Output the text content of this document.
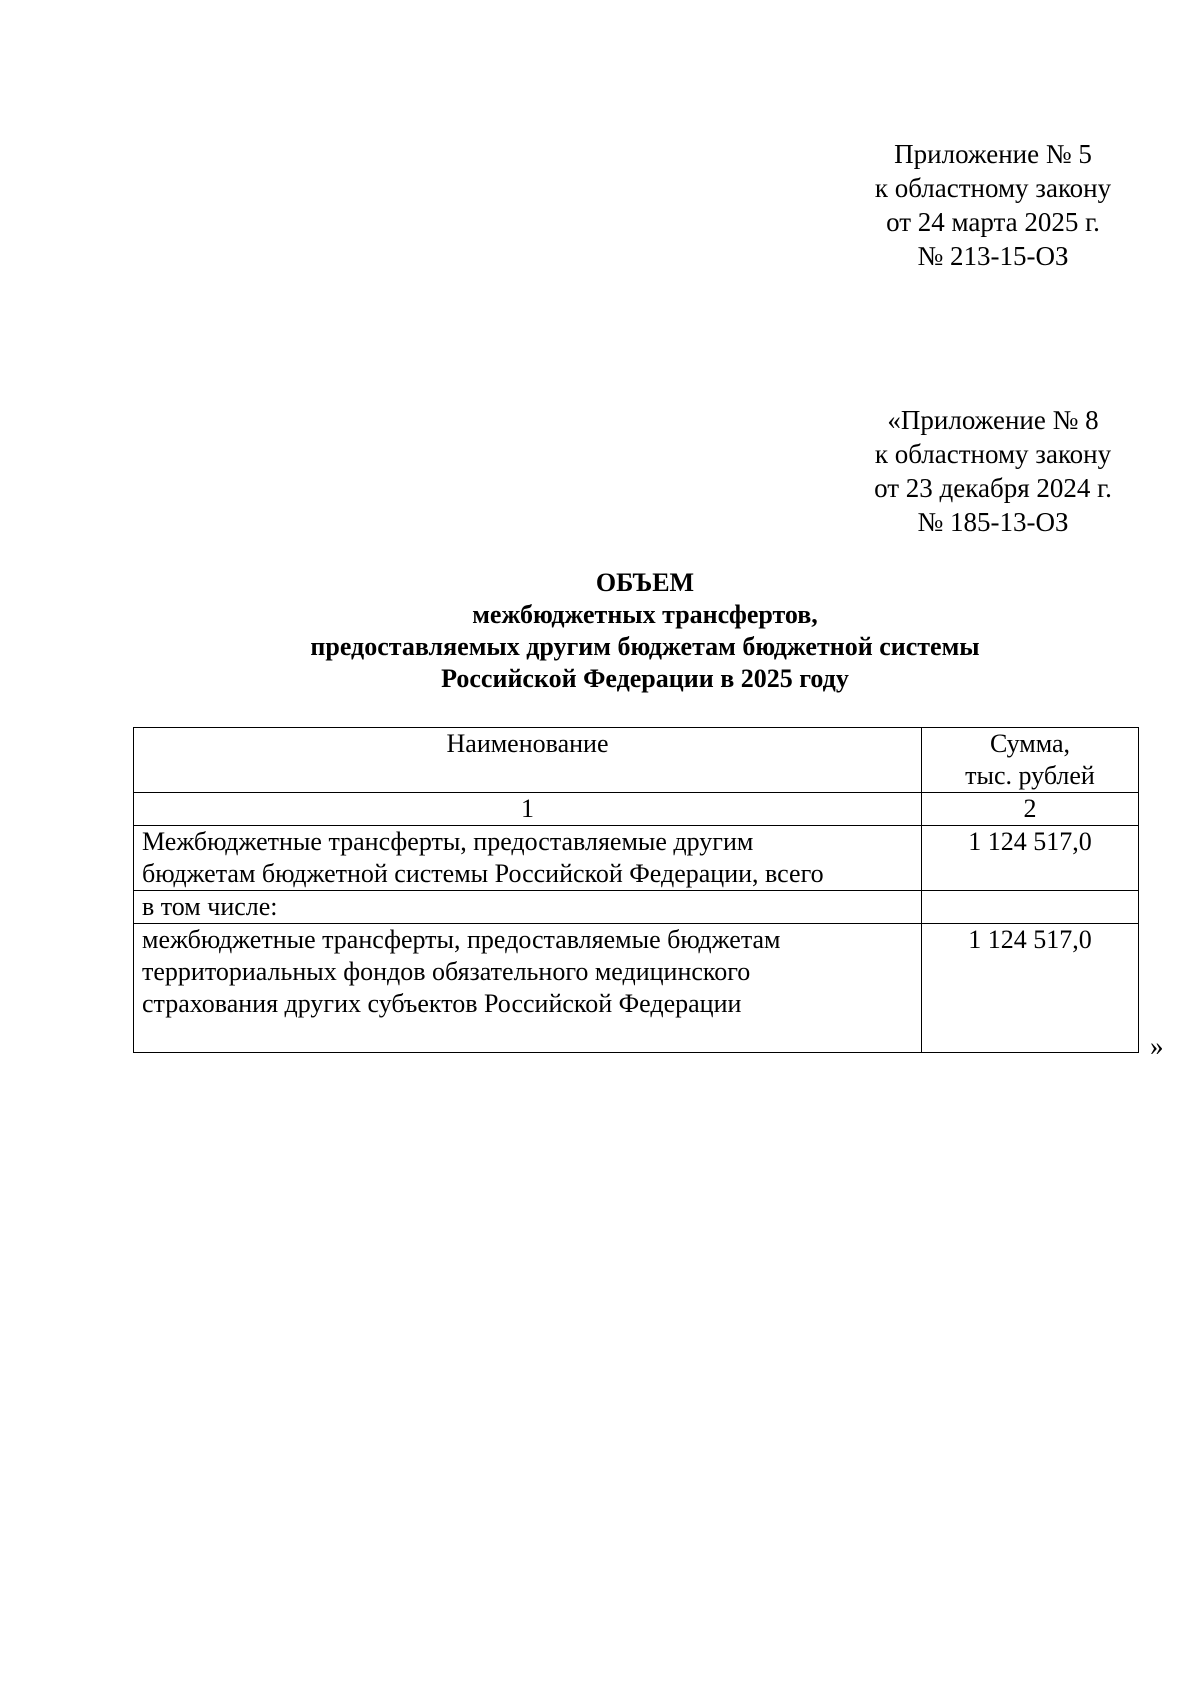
Приложение № 5
к областному закону
от 24 марта 2025 г.
№ 213-15-ОЗ
«Приложение № 8
к областному закону
от 23 декабря 2024 г.
№ 185-13-ОЗ
ОБЪЕМ
межбюджетных трансфертов,
предоставляемых другим бюджетам бюджетной системы
Российской Федерации в 2025 году
Наименование	Сумма,
тыс. рублей

1	2

Межбюджетные трансферты, предоставляемые другим
бюджетам бюджетной системы Российской Федерации, всего	1 124 517,0

в том числе:	

межбюджетные трансферты, предоставляемые бюджетам
территориальных фондов обязательного медицинского
страхования других субъектов Российской Федерации	1 124 517,0
»
